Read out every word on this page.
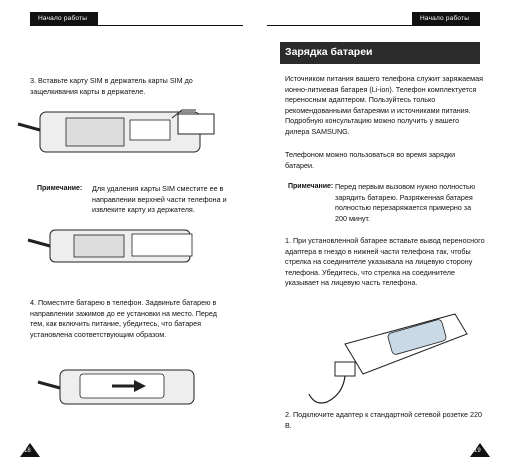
Начало работы
3. Вставьте карту SIM в держатель карты SIM до защелкивания карты в держателе.
Примечание: Для удаления карты SIM сместите ее в направлении верхней части телефона и извлеките карту из держателя.
4. Поместите батарею в телефон. Задвиньте батарею в направлении зажимов до ее установки на место. Перед тем, как включить питание, убедитесь, что батарея установлена соответствующим образом.
18
Начало работы
Зарядка батареи
Источником питания вашего телефона служит заряжаемая ионно-литиевая батарея (Li-ion). Телефон комплектуется переносным адаптером. Пользуйтесь только рекомендованными батареями и источниками питания. Подробную консультацию можно получить у вашего дилера SAMSUNG.
Телефоном можно пользоваться во время зарядки батареи.
Примечание: Перед первым вызовом нужно полностью зарядить батарею. Разряженная батарея полностью перезаряжается примерно за 200 минут.
1. При установленной батарее вставьте вывод переносного адаптера в гнездо в нижней части телефона так, чтобы стрелка на соединителе указывала на лицевую сторону телефона. Убедитесь, что стрелка на соединителе указывает на лицевую часть телефона.
2. Подключите адаптер к стандартной сетевой розетке 220 В.
19
